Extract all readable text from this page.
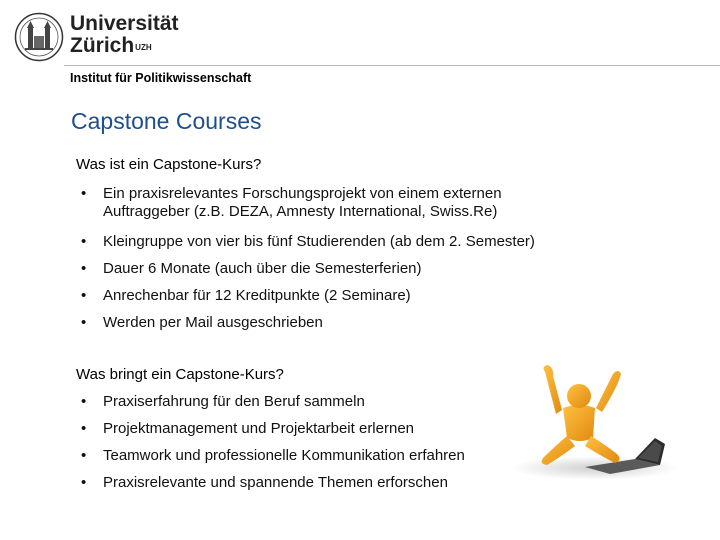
Universität
Zürich$^{UZH}$
Institut für Politikwissenschaft
Capstone Courses
Was ist ein Capstone-Kurs?
• Ein praxisrelevantes Forschungsprojekt von einem externen
Auftraggeber (z.B. DEZA, Amnesty International, Swiss.Re)
• Kleingruppe von vier bis fünf Studierenden (ab dem 2. Semester)
• Dauer 6 Monate (auch über die Semesterferien)
• Anrechenbar für 12 Kreditpunkte (2 Seminare)
• Werden per Mail ausgeschrieben
Was bringt ein Capstone-Kurs?
• Praxiserfahrung für den Beruf sammeln
• Projektmanagement und Projektarbeit erlernen
• Teamwork und professionelle Kommunikation erfahren
• Praxisrelevante und spannende Themen erforschen
